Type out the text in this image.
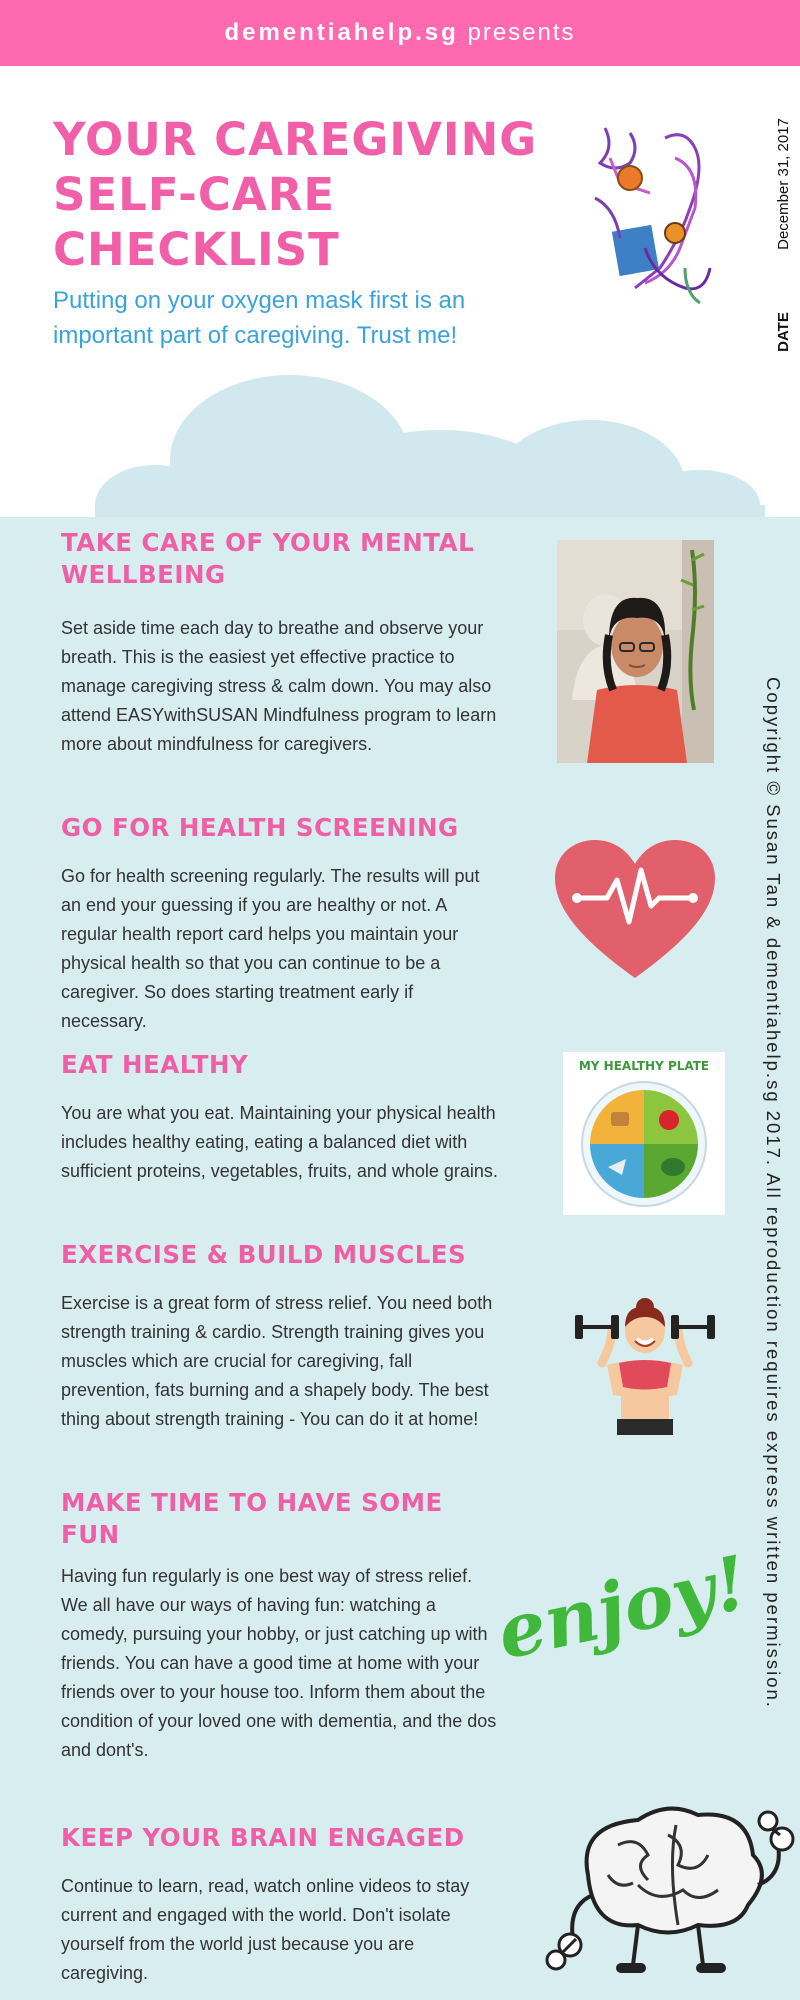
dementiahelp.sg presents
YOUR CAREGIVING
SELF-CARE
CHECKLIST

Putting on your oxygen mask first is an important part of caregiving. Trust me!

December 31, 2017
DATE
TAKE CARE OF YOUR MENTAL WELLBEING

Set aside time each day to breathe and observe your breath. This is the easiest yet effective practice to manage caregiving stress & calm down. You may also attend EASYwithSUSAN Mindfulness program to learn more about mindfulness for caregivers.

GO FOR HEALTH SCREENING

Go for health screening regularly. The results will put an end your guessing if you are healthy or not. A regular health report card helps you maintain your physical health so that you can continue to be a caregiver. So does starting treatment early if necessary.

EAT HEALTHY

You are what you eat. Maintaining your physical health includes healthy eating, eating a balanced diet with sufficient proteins, vegetables, fruits, and whole grains.

MY HEALTHY PLATE
EXERCISE & BUILD MUSCLES

Exercise is a great form of stress relief. You need both strength training & cardio. Strength training gives you muscles which are crucial for caregiving, fall prevention, fats burning and a shapely body. The best thing about strength training - You can do it at home!

MAKE TIME TO HAVE SOME FUN

Having fun regularly is one best way of stress relief. We all have our ways of having fun: watching a comedy, pursuing your hobby, or just catching up with friends. You can have a good time at home with your friends over to your house too. Inform them about the condition of your loved one with dementia, and the dos and dont's.

enjoy!
KEEP YOUR BRAIN ENGAGED

Continue to learn, read, watch online videos to stay current and engaged with the world. Don't isolate yourself from the world just because you are caregiving.

Copyright © Susan Tan & dementiahelp.sg 2017. All reproduction requires express written permission.
